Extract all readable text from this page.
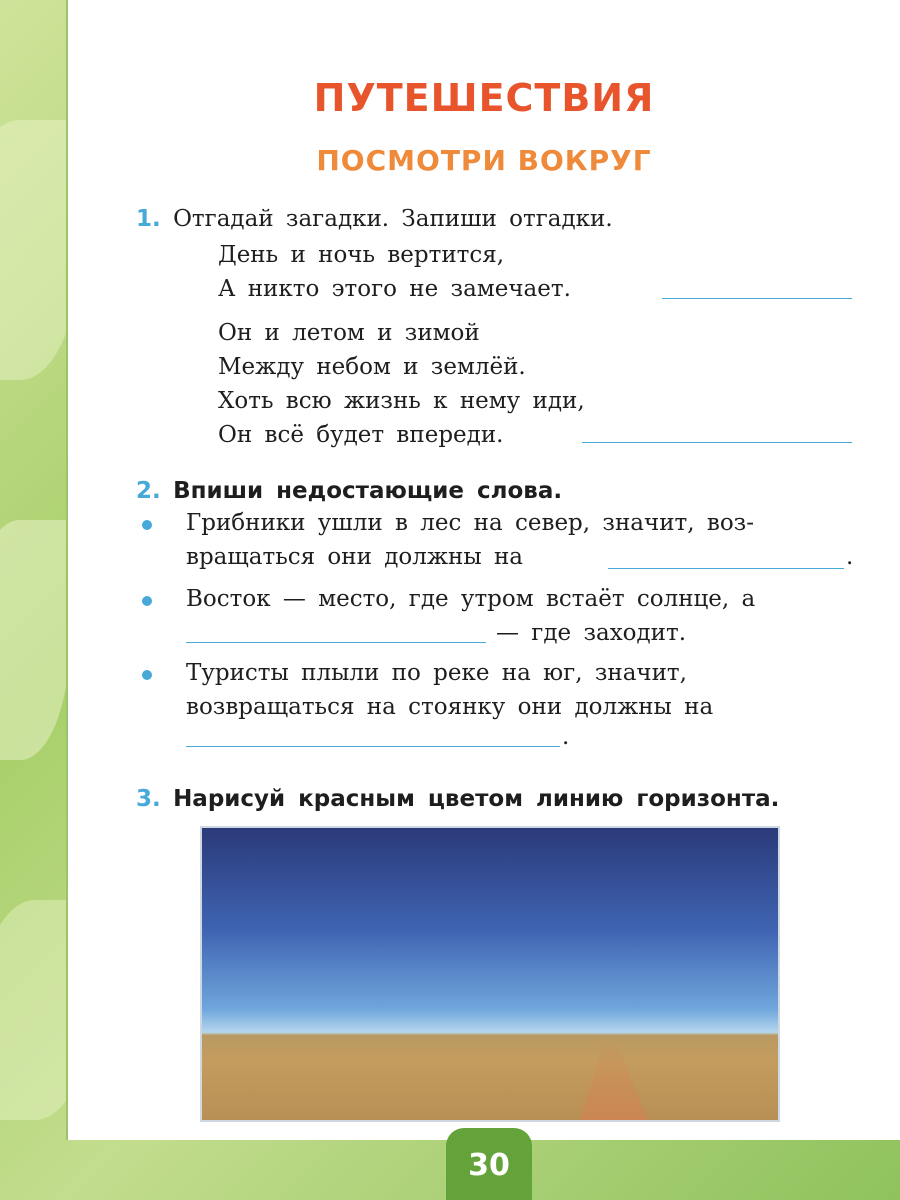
ПУТЕШЕСТВИЯ
ПОСМОТРИ ВОКРУГ
1. Отгадай загадки. Запиши отгадки.
День и ночь вертится,
А никто этого не замечает.
Он и летом и зимой
Между небом и землёй.
Хоть всю жизнь к нему иди,
Он всё будет впереди.
2. Впиши недостающие слова.
Грибники ушли в лес на север, значит, воз-
вращаться они должны на	.
Восток — место, где утром встаёт солнце, а
— где заходит.
Туристы плыли по реке на юг, значит,
возвращаться на стоянку они должны на
.
3. Нарисуй красным цветом линию горизонта.
30
